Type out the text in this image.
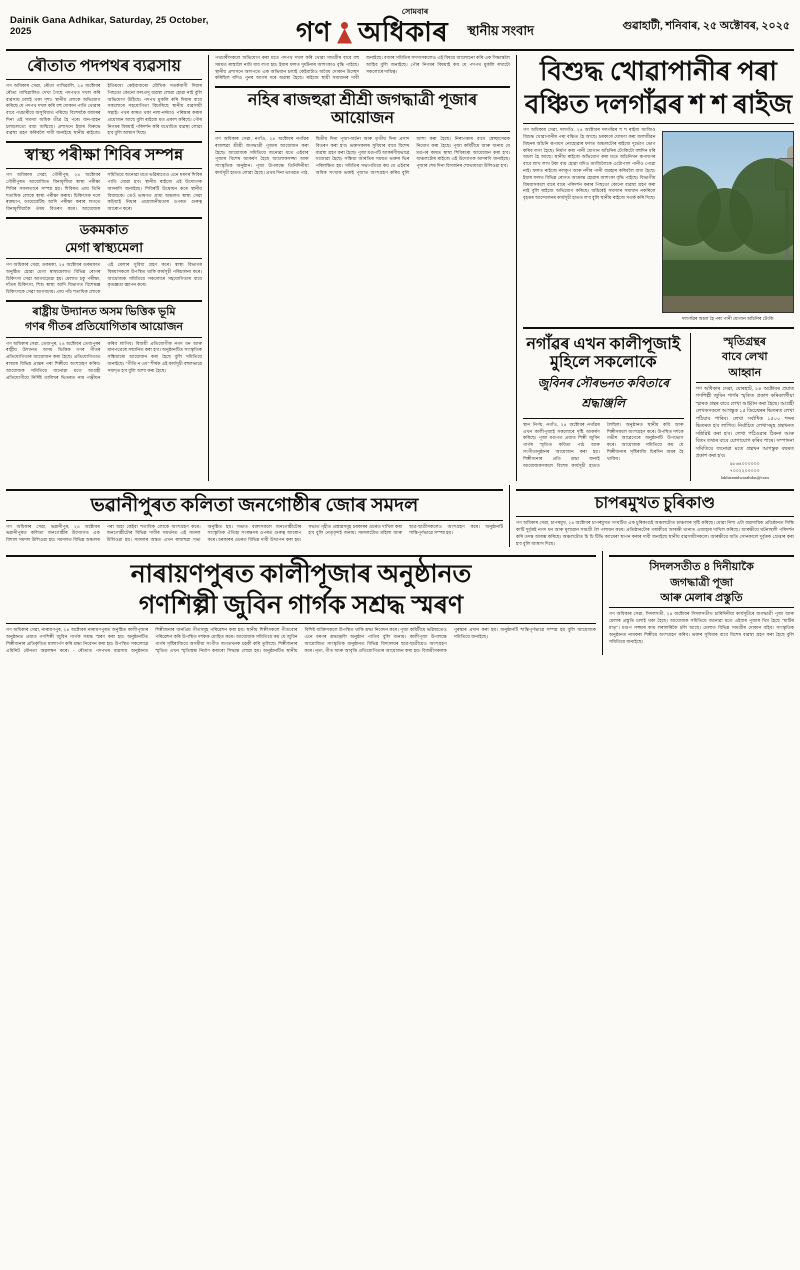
Dainik Gana Adhikar, Saturday, 25 October, 2025
সোমবাৰ
গণ অধিকাৰ স্থানীয় সংবাদ	গুৱাহাটী, শনিবাৰ, ২৫ অক্টোবৰ, ২০২৫
ৰৌতাত পদপথৰ ব্যৱসায়
গণ অধিকাৰ সেৱা, ৰৌতা গাখিৱালি, ২৪ অক্টোবৰ ৰৌতা গাখিৱালিত দেখা গৈছে পদপথত দখল কৰি ব্যৱসায় চলাই থকা দৃশ্য। স্থানীয় লোকে অভিযোগ কৰিছে যে পদপথ দখল কৰি বহু দোকান পাতি থোৱাৰ বাবে পথচাৰীয়ে অসুবিধাত পৰিছে। বিশেষকৈ বজাৰৰ দিনা এই সমস্যা অধিক তীব্ৰ হৈ পৰে। যান-বাহন চলাচলতো বাধা জন্মিছে। প্ৰশাসনে ইয়াৰ বিৰুদ্ধে ব্যৱস্থা গ্ৰহণ কৰিবলৈ দাবী জনাইছে স্থানীয় ৰাইজে। ইতিমধ্যে কেইবাবাৰো মৌখিক সতৰ্কবাণী দিয়াৰ পিছতো কোনো ফলপ্ৰসূ ব্যৱস্থা লোৱা হোৱা নাই বুলি অভিযোগ উঠিছে। পদপথ মুকলি কৰি দিয়াৰ বাবে সকলোৰে সহযোগিতা বিচাৰিছে স্থানীয় ব্যৱসায়ী সন্থাই। পথৰ কাষত থকা নলা-নৰ্দমাও পৰিষ্কাৰ কৰাৰ প্ৰয়োজন আছে বুলি ৰাইজে মত প্ৰকাশ কৰিছে। পৌৰ নিগমৰ বিষয়াই পৰিদৰ্শন কৰি যথোচিত ব্যৱস্থা লোৱা হ'ব বুলি আশ্বাস দিছে।
স্বাস্থ্য পৰীক্ষা শিবিৰ সম্পন্ন
গণ অধিকাৰ সেৱা, গৌৰীপুৰ, ২৪ অক্টোবৰ গৌৰীপুৰত আয়োজিত বিনামূলীয়া স্বাস্থ্য পৰীক্ষা শিবিৰ সফলতাৰে সম্পন্ন হয়। শিবিৰত প্ৰায় তিনি শতাধিক লোকে স্বাস্থ্য পৰীক্ষা কৰায়। চিকিৎসক দলে ৰক্তচাপ, ডায়েবেটিছ আদি পৰীক্ষা কৰাৰ লগতে বিনামূলীয়াকৈ ঔষধ বিতৰণ কৰে। আয়োজক সমিতিয়ে জনোৱা মতে ভৱিষ্যতেও এনে ধৰণৰ শিবিৰ পাতি যোৱা হ'ব। স্থানীয় ৰাইজে এই উদ্যোগক আদৰণি জনাইছে। শিবিৰটি উদ্বোধন কৰে স্থানীয় বিধায়কে। তেওঁ ভাষণত গ্ৰাম্য অঞ্চলত স্বাস্থ্য সেৱা কঢ়িয়াই নিয়াৰ প্ৰয়োজনীয়তাৰ ওপৰত গুৰুত্ব আৰোপ কৰে।
ডকমকাত
মেগা স্বাস্থ্যমেলা
গণ অধিকাৰ সেৱা, ডকমকা, ২৪ অক্টোবৰ ডকমকাত অনুষ্ঠিত হোৱা মেগা স্বাস্থ্যমেলাত বিভিন্ন ৰোগৰ চিকিৎসা সেৱা আগবঢ়োৱা হয়। মেলাত চকু পৰীক্ষা, দাঁতৰ চিকিৎসা, শিশু স্বাস্থ্য আদি বিভাগত বিশেষজ্ঞ চিকিৎসকে সেৱা আগবঢ়ায়। প্ৰায় পাঁচ শতাধিক লোকে এই মেলাৰ সুবিধা গ্ৰহণ কৰে। স্বাস্থ্য বিভাগৰ বিষয়াসকলে উপস্থিত থাকি কাৰ্যসূচী পৰিচালনা কৰে। আয়োজক সমিতিয়ে সকলোৰে সহযোগিতাৰ বাবে কৃতজ্ঞতা জ্ঞাপন কৰে।
ৰাষ্ট্ৰীয় উদ্যানত অসম ভিত্তিক ভূমি
গণৰ গীতৰ প্ৰতিযোগিতাৰ আয়োজন
গণ অধিকাৰ সেৱা, তেজপুৰ, ২৪ অক্টোবৰ তেজপুৰৰ ৰাষ্ট্ৰীয় উদ্যানত অসম ভিত্তিক গণৰ গীতৰ প্ৰতিযোগিতাৰ আয়োজন কৰা হৈছে। প্ৰতিযোগিতাত ৰাজ্যৰ বিভিন্ন প্ৰান্তৰ পৰা শিল্পীয়ে অংশগ্ৰহণ কৰিব। আয়োজক সমিতিয়ে জনোৱা মতে আগ্ৰহী প্ৰতিযোগীয়ে নিৰ্দিষ্ট তাৰিখৰ ভিতৰত নাম পঞ্জীয়ন কৰিব লাগিব। বিজয়ী প্ৰতিযোগীক নগদ ধন আৰু মানপত্ৰেৰে সন্মানিত কৰা হ'ব। অনুষ্ঠানটিত সাংস্কৃতিক সন্ধিয়াৰো আয়োজন কৰা হৈছে বুলি সমিতিয়ে জনাইছে। "গীতি ন এধ" শীৰ্ষক এই কাৰ্যসূচী বহুলভাৱে সমাদৃত হ'ব বুলি আশা কৰা হৈছে।
পথচাৰীসকলে অভিযোগ কৰা মতে পদপথ দখল কৰি থোৱা সামগ্ৰীৰ বাবে বহু সময়ত ৰাস্তালৈ নামি যাব লগা হয়। ইয়াৰ ফলত দুৰ্ঘটনাৰ আশংকাও বৃদ্ধি পাইছে। স্থানীয় প্ৰশাসনে অলপতে এক অভিযান চলাই কেইবাটাও অবৈধ দোকান উচ্ছেদ কৰিছিল যদিও পুনৰ আগৰ দৰে অৱস্থা হৈছে। ৰাইজে স্থায়ী সমাধানৰ দাবী জনাইছে। বজাৰ সমিতিৰ সদস্যসকলেও এই বিষয়ে আলোচনা কৰি এক সিদ্ধান্তলৈ আহিব বুলি জনাইছে। পৌৰ নিগমৰ বিষয়াই কয় যে পদপথ মুকলি ৰখাটো সকলোৰে দায়িত্ব।
নহিৰ ৰাজহুৱা শ্ৰীশ্ৰী জগদ্ধাত্ৰী পূজাৰ আয়োজন
গণ অধিকাৰ সেৱা, নগাঁও, ২৪ অক্টোবৰ নগাঁৱৰ ৰাজহুৱা শ্ৰীশ্ৰী জগদ্ধাত্ৰী পূজাৰ আয়োজন কৰা হৈছে। আয়োজক সমিতিয়ে জনোৱা মতে এইবাৰ পূজাৰ বিশেষ আকৰ্ষণ হৈছে আলোকসজ্জা আৰু সাংস্কৃতিক অনুষ্ঠান। পূজা উপলক্ষে তিনিদিনীয়া কাৰ্যসূচী হাতত লোৱা হৈছে। প্ৰথম দিনা ভাগৱত পাঠ, দ্বিতীয় দিনা পূজা-অৰ্চনা আৰু তৃতীয় দিনা প্ৰসাদ বিতৰণ কৰা হ'ব। ভক্তসকলৰ সুবিধাৰ বাবে বিশেষ ব্যৱস্থা গ্ৰহণ কৰা হৈছে। পূজা মণ্ডপটি আকৰ্ষণীয়ভাৱে সজোৱা হৈছে। সন্ধিয়া আৰতিৰ সময়ত ভক্তৰ ভিৰ পৰিলক্ষিত হয়। সমিতিৰ সভাপতিয়ে কয় যে এইবাৰ অধিক সংখ্যক ভক্তই পূজাত অংশগ্ৰহণ কৰিব বুলি আশা কৰা হৈছে। নিৰাপত্তাৰ বাবে স্বেচ্ছাসেৱক নিয়োগ কৰা হৈছে। পূজা কমিটীয়ে আৰু জনায় যে মণ্ডপৰ কাষত স্বাস্থ্য শিবিৰৰো আয়োজন কৰা হ'ব। অঞ্চলটোৰ ৰাইজে এই উদ্যোগক আদৰণি জনাইছে। পূজাৰ শেষ দিনা বিসৰ্জনৰ শোভাযাত্ৰা উলিওৱা হ'ব।
বিশুদ্ধ খোৱাপানীৰ পৰা
বঞ্চিত দলগাঁৱৰ শ শ ৰাইজ
গণ অধিকাৰ সেৱা, দলগাঁও, ২৪ অক্টোবৰ দলগাঁৱৰ শ শ ৰাইজ আজিও বিশুদ্ধ খোৱাপানীৰ পৰা বঞ্চিত হৈ আছে। চৰকাৰে ঘোষণা কৰা জলজীৱন মিছনৰ আঁচনি ৰূপায়ণ নোহোৱাৰ ফলত অঞ্চলটোৰ ৰাইজে দুৰ্ভোগ ভোগ কৰিব লগা হৈছে। নিৰ্মাণ কৰা পানী যোগান আঁচনিৰ টেংকিটো বহুদিন ধৰি অচল হৈ আছে। স্থানীয় ৰাইজে অভিযোগ কৰা মতে আঁচনিখন ৰূপায়ণৰ বাবে লাখ লাখ টকা ব্যয় হোৱা যদিও আজিলৈকে এটোপাল পানীও পোৱা নাই। ফলত ৰাইজে নলকূপ আৰু নদীৰ পানী ব্যৱহাৰ কৰিবলৈ বাধ্য হৈছে। ইয়াৰ ফলত বিভিন্ন ৰোগত আক্ৰান্ত হোৱাৰ আশংকা বৃদ্ধি পাইছে। বিভাগীয় বিষয়াসকলে বাৰে বাৰে পৰিদৰ্শন কৰাৰ পিছতো কোনো ব্যৱস্থা গ্ৰহণ কৰা নাই বুলি ৰাইজে অভিযোগ কৰিছে। অচিৰেই সমস্যাৰ সমাধান নকৰিলে বৃহত্তৰ আন্দোলনৰ কাৰ্যসূচী হাতত ল'ব বুলি স্থানীয় ৰাইজে সতৰ্ক কৰি দিছে।
দলগাঁৱৰ অচল হৈ পৰা পানী যোগান আঁচনিৰ টেংকি
নগাঁৱৰ এখন কালীপূজাই মুহিলে সকলোকে
জুবিনৰ সৌৰভনত কবিতাৰে শ্ৰদ্ধাঞ্জলি
স্থান নিৰ্ণয়, নগাঁও, ২৪ অক্টোবৰ নগাঁৱৰ এখন কালীপূজাই সকলোৰে দৃষ্টি আকৰ্ষণ কৰিছে। পূজা মণ্ডপত প্ৰয়াত শিল্পী জুবিন গাৰ্গৰ স্মৃতিত কবিতা পাঠ আৰু সংগীতানুষ্ঠানৰ আয়োজন কৰা হয়। শিল্পীজনাৰ প্ৰতি শ্ৰদ্ধা জনাই আয়োজকসকলে বিশেষ কাৰ্যসূচী হাতত লৈছিল। অনুষ্ঠানত স্থানীয় কবি আৰু শিল্পীসকলে অংশগ্ৰহণ কৰে। উপস্থিত দৰ্শকে গভীৰ আৱেগেৰে অনুষ্ঠানটি উপভোগ কৰে। আয়োজক সমিতিয়ে কয় যে শিল্পীজনাৰ সৃষ্টিৰাজি চিৰদিন অমৰ হৈ থাকিব।
স্মৃতিগ্ৰন্থৰ
বাবে লেখা
আহ্বান
গণ অধিকাৰ সেৱা, যোৰহাট, ২৪ অক্টোবৰ প্ৰয়াত গণশিল্পী জুবিন গাৰ্গৰ স্মৃতিত প্ৰকাশ কৰিবলগীয়া স্মাৰক গ্ৰন্থৰ বাবে লেখা আহ্বান কৰা হৈছে। আগ্ৰহী লেখকসকলে আগন্তুক ১৫ ডিচেম্বৰৰ ভিতৰত লেখা পঠিয়াব পাৰিব। লেখা সৰ্বাধিক ১৫০০ শব্দৰ ভিতৰত হ'ব লাগিব। নিৰ্বাচিত লেখাসমূহ গ্ৰন্থখনত সন্নিৱিষ্ট কৰা হ'ব। লেখা পঠিওৱাৰ ঠিকনা আৰু বিতং তথ্যৰ বাবে যোগাযোগ কৰিব পাৰে। সম্পাদনা সমিতিয়ে জনোৱা মতে গ্ৰন্থখন আগন্তুক বছৰত প্ৰকাশ কৰা হ'ব।
৯৮৬৪০০০০০০
৭০০২২০০০০০
lakhiramdwarahdas@com
ভৱানীপুৰত কলিতা জনগোষ্ঠীৰ জোৰ সমদল
গণ অধিকাৰ সেৱা, ভৱানীপুৰ, ২৪ অক্টোবৰ ভৱানীপুৰত কলিতা জনগোষ্ঠীৰ উদ্যোগত এক বিশাল সমদল উলিওৱা হয়। সমদলত বিভিন্ন অঞ্চলৰ পৰা অহা কেইবা শতাধিক লোকে অংশগ্ৰহণ কৰে। জনগোষ্ঠীটোৰ বিভিন্ন দাবীৰ সমৰ্থনত এই সমদল উলিওৱা হয়। সমদলৰ অন্তত এখন ৰাজহুৱা সভা অনুষ্ঠিত হয়। সভাত বক্তাসকলে জনগোষ্ঠীটোৰ সাংস্কৃতিক ঐতিহ্য সংৰক্ষণৰ ওপৰত গুৰুত্ব আৰোপ কৰে। চৰকাৰৰ ওচৰত বিভিন্ন দাবী উত্থাপন কৰা হয়। সভাত গৃহীত প্ৰস্তাৱসমূহ চৰকাৰৰ ওচৰত দাখিল কৰা হ'ব বুলি নেতৃবৃন্দই জনায়। সমদলটোত মহিলা আৰু ছাত্ৰ-ছাত্ৰীসকলেও অংশগ্ৰহণ কৰে। অনুষ্ঠানটি শান্তিপূৰ্ণভাৱে সম্পন্ন হয়।
চাপৰমুখত চুৰিকাণ্ড
গণ অধিকাৰ সেৱা, চাপৰমুখ, ২৪ অক্টোবৰ চাপৰমুখত সংঘটিত এক চুৰিকাণ্ডই অঞ্চলটোত চাঞ্চল্যৰ সৃষ্টি কৰিছে। যোৱা নিশা এটা ব্যৱসায়িক প্ৰতিষ্ঠানত সিন্ধি কাটি দুৰ্বৃত্তই নগদ ধন আৰু মূল্যৱান সামগ্ৰী লৈ পলায়ন কৰে। প্ৰতিষ্ঠানটোৰ গৰাকীয়ে আৰক্ষী থানাত এজাহাৰ দাখিল কৰিছে। আৰক্ষীয়ে ঘটনাস্থলী পৰিদৰ্শন কৰি তদন্ত আৰম্ভ কৰিছে। অঞ্চলটোত চি চি টিভি ক্যামেৰা স্থাপন কৰাৰ দাবী জনাইছে স্থানীয় ব্যৱসায়ীসকলে। আৰক্ষীয়ে অতি সোনকালে দুৰ্বৃত্তক গ্ৰেপ্তাৰ কৰা হ'ব বুলি আশ্বাস দিছে।
নাৰায়ণপুৰত কালীপূজাৰ অনুষ্ঠানত
গণশিল্পী জুবিন গাৰ্গক সশ্ৰদ্ধ স্মৰণ
গণ অধিকাৰ সেৱা, নাৰায়ণপুৰ, ২৪ অক্টোবৰ নাৰায়ণপুৰত অনুষ্ঠিত কালীপূজাৰ অনুষ্ঠানত প্ৰয়াত গণশিল্পী জুবিন গাৰ্গক সশ্ৰদ্ধ স্মৰণ কৰা হয়। অনুষ্ঠানটিত শিল্পীজনাৰ প্ৰতিকৃতিত মাল্যাৰ্পণ কৰি শ্ৰদ্ধা নিবেদন কৰা হয়। উপস্থিত সকলোৱে এমিনিট মৌনতা অৱলম্বন কৰে। - ৰৌতাত পদপথৰ ব্যৱসায় অনুষ্ঠানত শিল্পীজনাৰ জনপ্ৰিয় গীতসমূহ পৰিৱেশন কৰা হয়। স্থানীয় শিল্পীসকলে গীতবোৰ পৰিৱেশন কৰি উপস্থিত দৰ্শকক মোহিত কৰে। আয়োজক সমিতিয়ে কয় যে জুবিন গাৰ্গৰ সৃষ্টিৰাজিয়ে অসমীয়া সংগীত জগতখনক চহকী কৰি তুলিছে। শিল্পীজনাৰ স্মৃতিত এখন স্মৃতিস্তম্ভ নিৰ্মাণ কৰাৰো সিদ্ধান্ত লোৱা হয়। অনুষ্ঠানটিত স্থানীয় বিশিষ্ট ব্যক্তিসকলে উপস্থিত থাকি শ্ৰদ্ধা নিবেদন কৰে। পূজা কমিটীয়ে ভৱিষ্যতেও এনে ধৰণৰ শ্ৰদ্ধাঞ্জলি অনুষ্ঠান পাতিব বুলি জনায়। কালীপূজা উপলক্ষে আয়োজিত সাংস্কৃতিক অনুষ্ঠানত বিভিন্ন বিদ্যালয়ৰ ছাত্ৰ-ছাত্ৰীয়েও অংশগ্ৰহণ কৰে। নৃত্য, গীত আৰু আবৃত্তি প্ৰতিযোগিতাৰ আয়োজন কৰা হয়। বিজয়ীসকলক পুৰস্কাৰ প্ৰদান কৰা হয়। অনুষ্ঠানটি শান্তিপূৰ্ণভাৱে সম্পন্ন হয় বুলি আয়োজক সমিতিয়ে জনাইছে।
সিদলসতীত ৪ দিনীয়াকৈ
জগদ্ধাত্ৰী পূজা
আৰু মেলাৰ প্ৰস্তুতি
গণ অধিকাৰ সেৱা, সিদলসতী, ২৪ অক্টোবৰ সিদলসতীত চাৰিদিনীয়া কাৰ্যসূচীৰে জগদ্ধাত্ৰী পূজা আৰু মেলাৰ প্ৰস্তুতি চলাই থকা হৈছে। আয়োজক সমিতিয়ে জনোৱা মতে এইবাৰ পূজাৰ থিম হৈছে "মাটিৰ মাতৃ"। মণ্ডপ সজ্জাৰ কাম লৰালৰিকৈ চলি আছে। মেলাত বিভিন্ন সামগ্ৰীৰ দোকান বহিব। সাংস্কৃতিক অনুষ্ঠানত নামকৰা শিল্পীয়ে অংশগ্ৰহণ কৰিব। ভক্তৰ সুবিধাৰ বাবে বিশেষ ব্যৱস্থা গ্ৰহণ কৰা হৈছে বুলি সমিতিয়ে জনাইছে।
